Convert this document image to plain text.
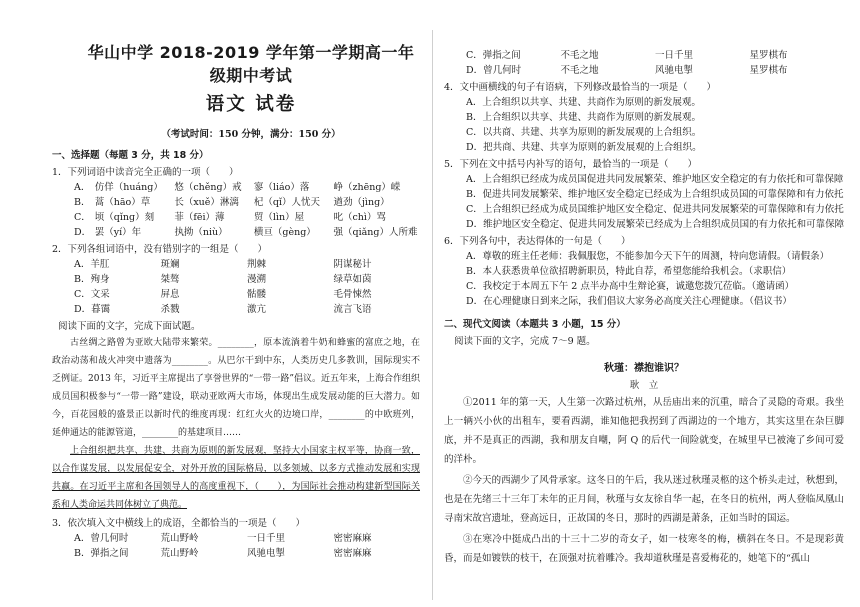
华山中学 2018-2019 学年第一学期高一年级期中考试
语文 试卷
（考试时间：150 分钟，满分：150 分）
一、选择题（每题 3 分，共 18 分）
1．下列词语中读音完全正确的一项（　　）
A． 仿佯（huánɡ）	悠（chěnɡ）戒	寥（liáo）落	峥（zhēnɡ）嵘
B． 蒿（hāo）草	长（xuě）淋漓	杞（qǐ）人忧天	遒劲（jìnɡ）
C． 顷（qǐnɡ）刻	菲（fēi）薄	贸（lìn）屋	叱（chì）骂
D． 罢（yí）年	执拗（niù）	横亘（gèng）	强（qiǎnɡ）人所难
2．下列各组词语中，没有错别字的一组是（　　）
A．羊肛	斑斓	荆棘	阴谋秘计
B．殉身	桀骜	漫溯	绿草如茵
C．文采	屏息	骷髅	毛骨悚然
D．暮霭	杀戮	激亢	流言飞语
阅读下面的文字，完成下面试题。
古丝绸之路曾为亚欧大陆带来繁荣。________，原本流淌着牛奶和蜂蜜的富庶之地，在政治动荡和战火冲突中遗落为________。从巴尔干到中东，人类历史几多教训，国际现实不乏例证。2013 年，习近平主席提出了享誉世界的“一带一路”倡议。近五年来，上海合作组织成员国积极参与“一带一路”建设，联动亚欧两大市场，体现出生成发展动能的巨大潜力。如今，百花园般的盛景正以新时代的维度再现：红红火火的边境口岸，________的中欧班列，延伸通达的能源管道，________的基建项目……
上合组织把共享、共建、共商为原则的新发展观，坚持大小国家主权平等，协商一致，以合作谋发展，以发展促安全，对外开放的国际格局，以多领域、以多方式推动发展和实现共赢。在习近平主席和各国领导人的高度重视下，（　　），为国际社会推动构建新型国际关系和人类命运共同体树立了典范。
3．依次填入文中横线上的成语，全都恰当的一项是（　　）
A．曾几何时	荒山野岭	一日千里	密密麻麻
B．弹指之间	荒山野岭	风驰电掣	密密麻麻
C．弹指之间	不毛之地	一日千里	星罗棋布
D．曾几何时	不毛之地	风驰电掣	星罗棋布
4．文中画横线的句子有语病，下列修改最恰当的一项是（　　）
A．上合组织以共享、共建、共商作为原则的新发展观。
B．上合组织以共享、共建、共商作为原则的新发展观。
C．以共商、共建、共享为原则的新发展观的上合组织。
D．把共商、共建、共享为原则的新发展观的上合组织。
5．下列在文中括号内补写的语句，最恰当的一项是（　　）
A．上合组织已经成为成员国促进共同发展繁荣、维护地区安全稳定的有力依托和可靠保障
B．促进共同发展繁荣、维护地区安全稳定已经成为上合组织成员国的可靠保障和有力依托
C．上合组织已经成为成员国维护地区安全稳定、促进共同发展繁荣的可靠保障和有力依托
D．维护地区安全稳定、促进共同发展繁荣已经成为上合组织成员国的有力依托和可靠保障
6．下列各句中，表达得体的一句是（　　）
A．尊敬的班主任老师：我佩服您，不能参加今天下午的周测，特向您请假。（请假条）
B．本人获悉贵单位欲招聘新职员，特此自荐，希望您能给我机会。（求职信）
C．我校定于本周五下午 2 点半办高中生辩论赛，诚邀您拨冗莅临。（邀请函）
D．在心理健康日到来之际，我们倡议大家务必高度关注心理健康。（倡议书）
二、现代文阅读（本题共 3 小题，15 分）
阅读下面的文字，完成 7～9 题。
秋瑾：襟抱谁识？
耿　立
①2011 年的第一天，人生第一次路过杭州，从岳庙出来的沉重，暗合了灵隐的奇艰。我坐上一辆兴小伙的出租车，要看西湖，谁知他把我拐到了西湖边的一个地方，其实这里在杂巨脚底，并不是真正的西湖，我和朋友自嘲，阿 Q 的后代一间险就变，在城里早已被淹了乡间可爱的洋朴。
②今天的西湖少了风骨承家。这冬日的午后，我从迷过秋瑾灵柩的这个桥头走过，秋想到，也是在先绪三十三年丁未年的正月间，秋瑾与女友徐自华一起，在冬日的杭州，两人登临凤凰山寻南宋故宫遗址，登高远日，正故国的冬日，那时的西湖是萧条，正如当时的国运。
③在寒冷中挺成凸出的十三十二岁的奇女子，如一枝寒冬的梅，横斜在冬日。不是现彩黄昏，而是如镀铁的枝干，在顶强对抗着雕冷。我却道秋瑾是喜爱梅花的，她笔下的“孤山
